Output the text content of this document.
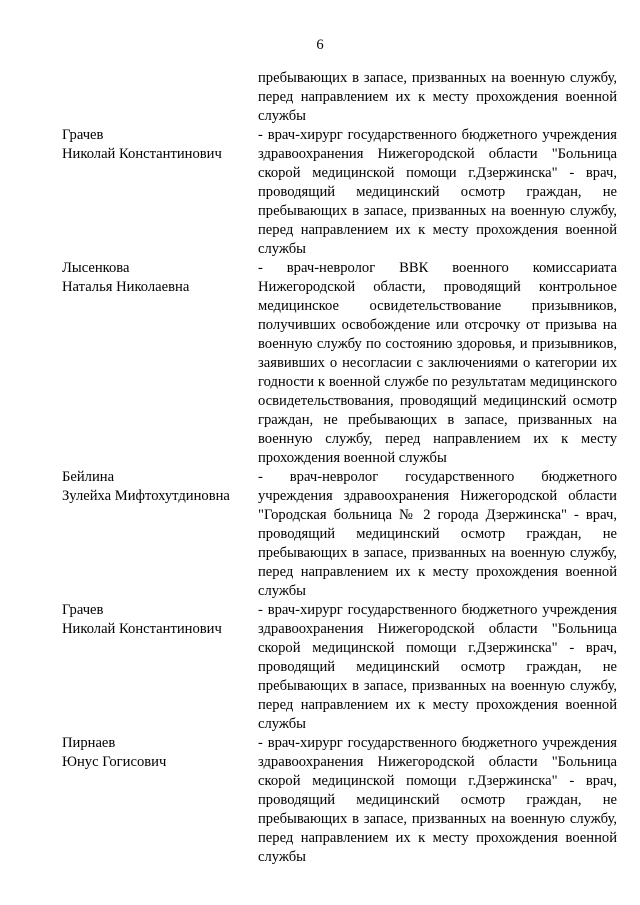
6

пребывающих в запасе, призванных на военную службу, перед направлением их к месту прохождения военной службы
Грачев
Николай Константинович
- врач-хирург государственного бюджетного учреждения здравоохранения Нижегородской области "Больница скорой медицинской помощи г.Дзержинска" - врач, проводящий медицинский осмотр граждан, не пребывающих в запасе, призванных на военную службу, перед направлением их к месту прохождения военной службы
Лысенкова
Наталья Николаевна
- врач-невролог ВВК военного комиссариата Нижегородской области, проводящий контрольное медицинское освидетельствование призывников, получивших освобождение или отсрочку от призыва на военную службу по состоянию здоровья, и призывников, заявивших о несогласии с заключениями о категории их годности к военной службе по результатам медицинского освидетельствования, проводящий медицинский осмотр граждан, не пребывающих в запасе, призванных на военную службу, перед направлением их к месту прохождения военной службы
Бейлина
Зулейха Мифтохутдиновна
- врач-невролог государственного бюджетного учреждения здравоохранения Нижегородской области "Городская больница № 2 города Дзержинска" - врач, проводящий медицинский осмотр граждан, не пребывающих в запасе, призванных на военную службу, перед направлением их к месту прохождения военной службы
Грачев
Николай Константинович
- врач-хирург государственного бюджетного учреждения здравоохранения Нижегородской области "Больница скорой медицинской помощи г.Дзержинска" - врач, проводящий медицинский осмотр граждан, не пребывающих в запасе, призванных на военную службу, перед направлением их к месту прохождения военной службы
Пирнаев
Юнус Гогисович
- врач-хирург государственного бюджетного учреждения здравоохранения Нижегородской области "Больница скорой медицинской помощи г.Дзержинска" - врач, проводящий медицинский осмотр граждан, не пребывающих в запасе, призванных на военную службу, перед направлением их к месту прохождения военной службы
